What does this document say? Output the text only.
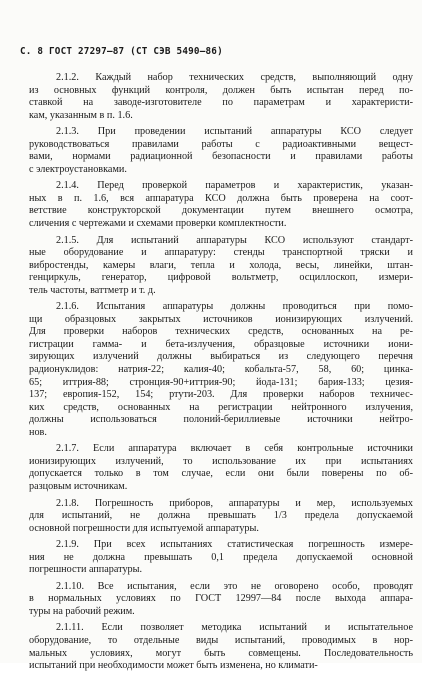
С. 8 ГОСТ 27297—87 (СТ СЭВ 5490—86)
2.1.2. Каждый набор технических средств, выполняющий одну
из основных функций контроля, должен быть испытан перед по-
ставкой на заводе-изготовителе по параметрам и характеристи-
кам, указанным в п. 1.6.
2.1.3. При проведении испытаний аппаратуры КСО следует
руководствоваться правилами работы с радиоактивными вещест-
вами, нормами радиационной безопасности и правилами работы
с электроустановками.
2.1.4. Перед проверкой параметров и характеристик, указан-
ных в п. 1.6, вся аппаратура КСО должна быть проверена на соот-
ветствие конструкторской документации путем внешнего осмотра,
сличения с чертежами и схемами проверки комплектности.
2.1.5. Для испытаний аппаратуры КСО используют стандарт-
ные оборудование и аппаратуру: стенды транспортной тряски и
вибростенды, камеры влаги, тепла и холода, весы, линейки, штан-
генциркуль, генератор, цифровой вольтметр, осциллоскоп, измери-
тель частоты, ваттметр и т. д.
2.1.6. Испытания аппаратуры должны проводиться при помо-
щи образцовых закрытых источников ионизирующих излучений.
Для проверки наборов технических средств, основанных на ре-
гистрации гамма- и бета-излучения, образцовые источники иони-
зирующих излучений должны выбираться из следующего перечня
радионуклидов: натрия-22; калия-40; кобальта-57, 58, 60; цинка-
65; иттрия-88; стронция-90+иттрия-90; йода-131; бария-133; цезия-
137; европия-152, 154; ртути-203. Для проверки наборов техничес-
ких средств, основанных на регистрации нейтронного излучения,
должны использоваться полоний-бериллиевые источники нейтро-
нов.
2.1.7. Если аппаратура включает в себя контрольные источники
ионизирующих излучений, то использование их при испытаниях
допускается только в том случае, если они были поверены по об-
разцовым источникам.
2.1.8. Погрешность приборов, аппаратуры и мер, используемых
для испытаний, не должна превышать 1/3 предела допускаемой
основной погрешности для испытуемой аппаратуры.
2.1.9. При всех испытаниях статистическая погрешность измере-
ния не должна превышать 0,1 предела допускаемой основной
погрешности аппаратуры.
2.1.10. Все испытания, если это не оговорено особо, проводят
в нормальных условиях по ГОСТ 12997—84 после выхода аппара-
туры на рабочий режим.
2.1.11. Если позволяет методика испытаний и испытательное
оборудование, то отдельные виды испытаний, проводимых в нор-
мальных условиях, могут быть совмещены. Последовательность
испытаний при необходимости может быть изменена, но климати-
